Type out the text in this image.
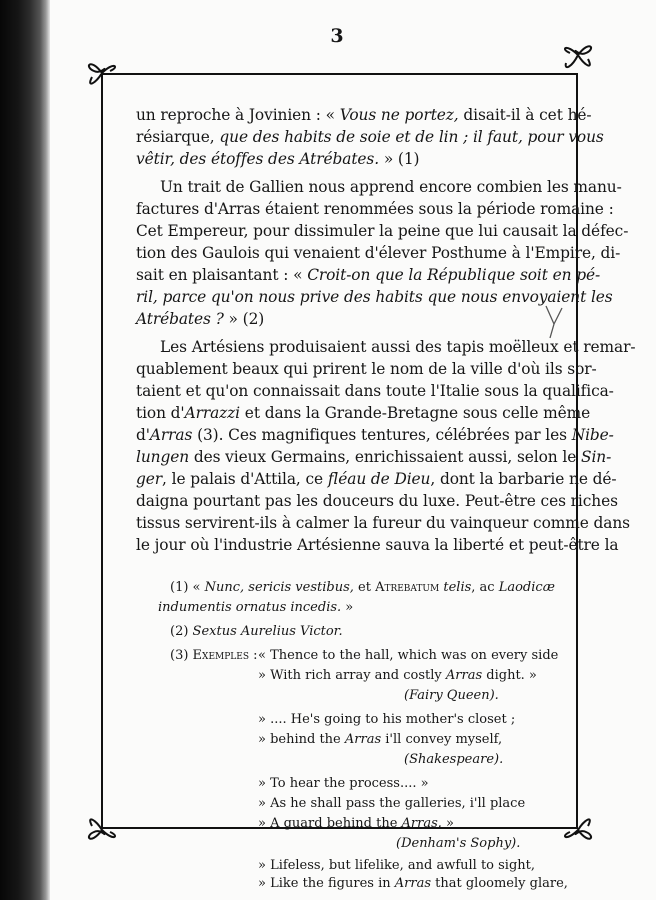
3
un reproche à Jovinien : « Vous ne portez, disait-il à cet hé-
résiarque, que des habits de soie et de lin ; il faut, pour vous
vêtir, des étoffes des Atrébates. » (1)
Un trait de Gallien nous apprend encore combien les manu-
factures d'Arras étaient renommées sous la période romaine :
Cet Empereur, pour dissimuler la peine que lui causait la défec-
tion des Gaulois qui venaient d'élever Posthume à l'Empire, di-
sait en plaisantant : « Croit-on que la République soit en pé-
ril, parce qu'on nous prive des habits que nous envoyaient les
Atrébates ? » (2)
Les Artésiens produisaient aussi des tapis moëlleux et remar-
quablement beaux qui prirent le nom de la ville d'où ils sor-
taient et qu'on connaissait dans toute l'Italie sous la qualifica-
tion d'Arrazzi et dans la Grande-Bretagne sous celle même
d'Arras (3). Ces magnifiques tentures, célébrées par les Nibe-
lungen des vieux Germains, enrichissaient aussi, selon le Sin-
ger, le palais d'Attila, ce fléau de Dieu, dont la barbarie ne dé-
daigna pourtant pas les douceurs du luxe. Peut-être ces riches
tissus servirent-ils à calmer la fureur du vainqueur comme dans
le jour où l'industrie Artésienne sauva la liberté et peut-être la
(1) « Nunc, sericis vestibus, et Atrebatum telis, ac Laodicæ
indumentis ornatus incedis. »
(2) Sextus Aurelius Victor.
(3) Exemples : « Thence to the hall, which was on every side
» With rich array and costly Arras dight. »
(Fairy Queen).
» .... He's going to his mother's closet ;
» behind the Arras i'll convey myself,
(Shakespeare).
» To hear the process.... »
» As he shall pass the galleries, i'll place
» A guard behind the Arras. »
(Denham's Sophy).
» Lifeless, but lifelike, and awfull to sight,
» Like the figures in Arras that gloomely glare,
